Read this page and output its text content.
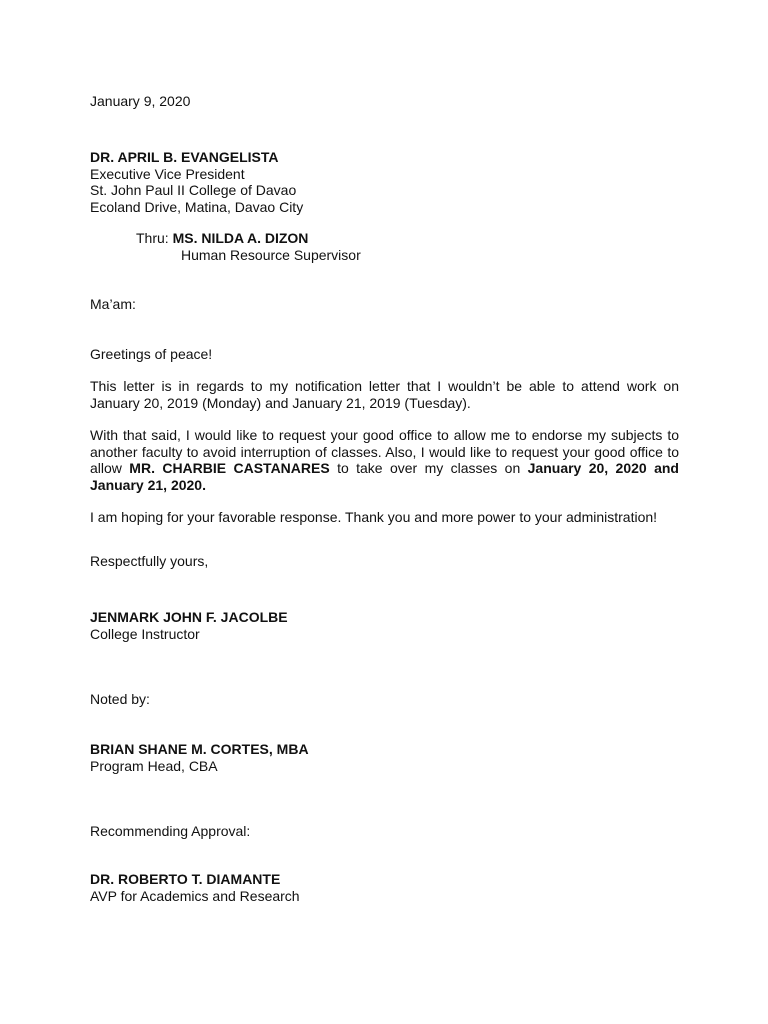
January 9, 2020

DR. APRIL B. EVANGELISTA

Executive Vice President

St. John Paul II College of Davao

Ecoland Drive, Matina, Davao City

Thru: MS. NILDA A. DIZON

Human Resource Supervisor

Ma’am:

Greetings of peace!

This letter is in regards to my notification letter that I wouldn’t be able to attend work on January 20, 2019 (Monday) and January 21, 2019 (Tuesday).

With that said, I would like to request your good office to allow me to endorse my subjects to another faculty to avoid interruption of classes. Also, I would like to request your good office to allow MR. CHARBIE CASTANARES to take over my classes on January 20, 2020 and January 21, 2020.

I am hoping for your favorable response. Thank you and more power to your administration!

Respectfully yours,

JENMARK JOHN F. JACOLBE

College Instructor

Noted by:

BRIAN SHANE M. CORTES, MBA

Program Head, CBA

Recommending Approval:

DR. ROBERTO T. DIAMANTE

AVP for Academics and Research
